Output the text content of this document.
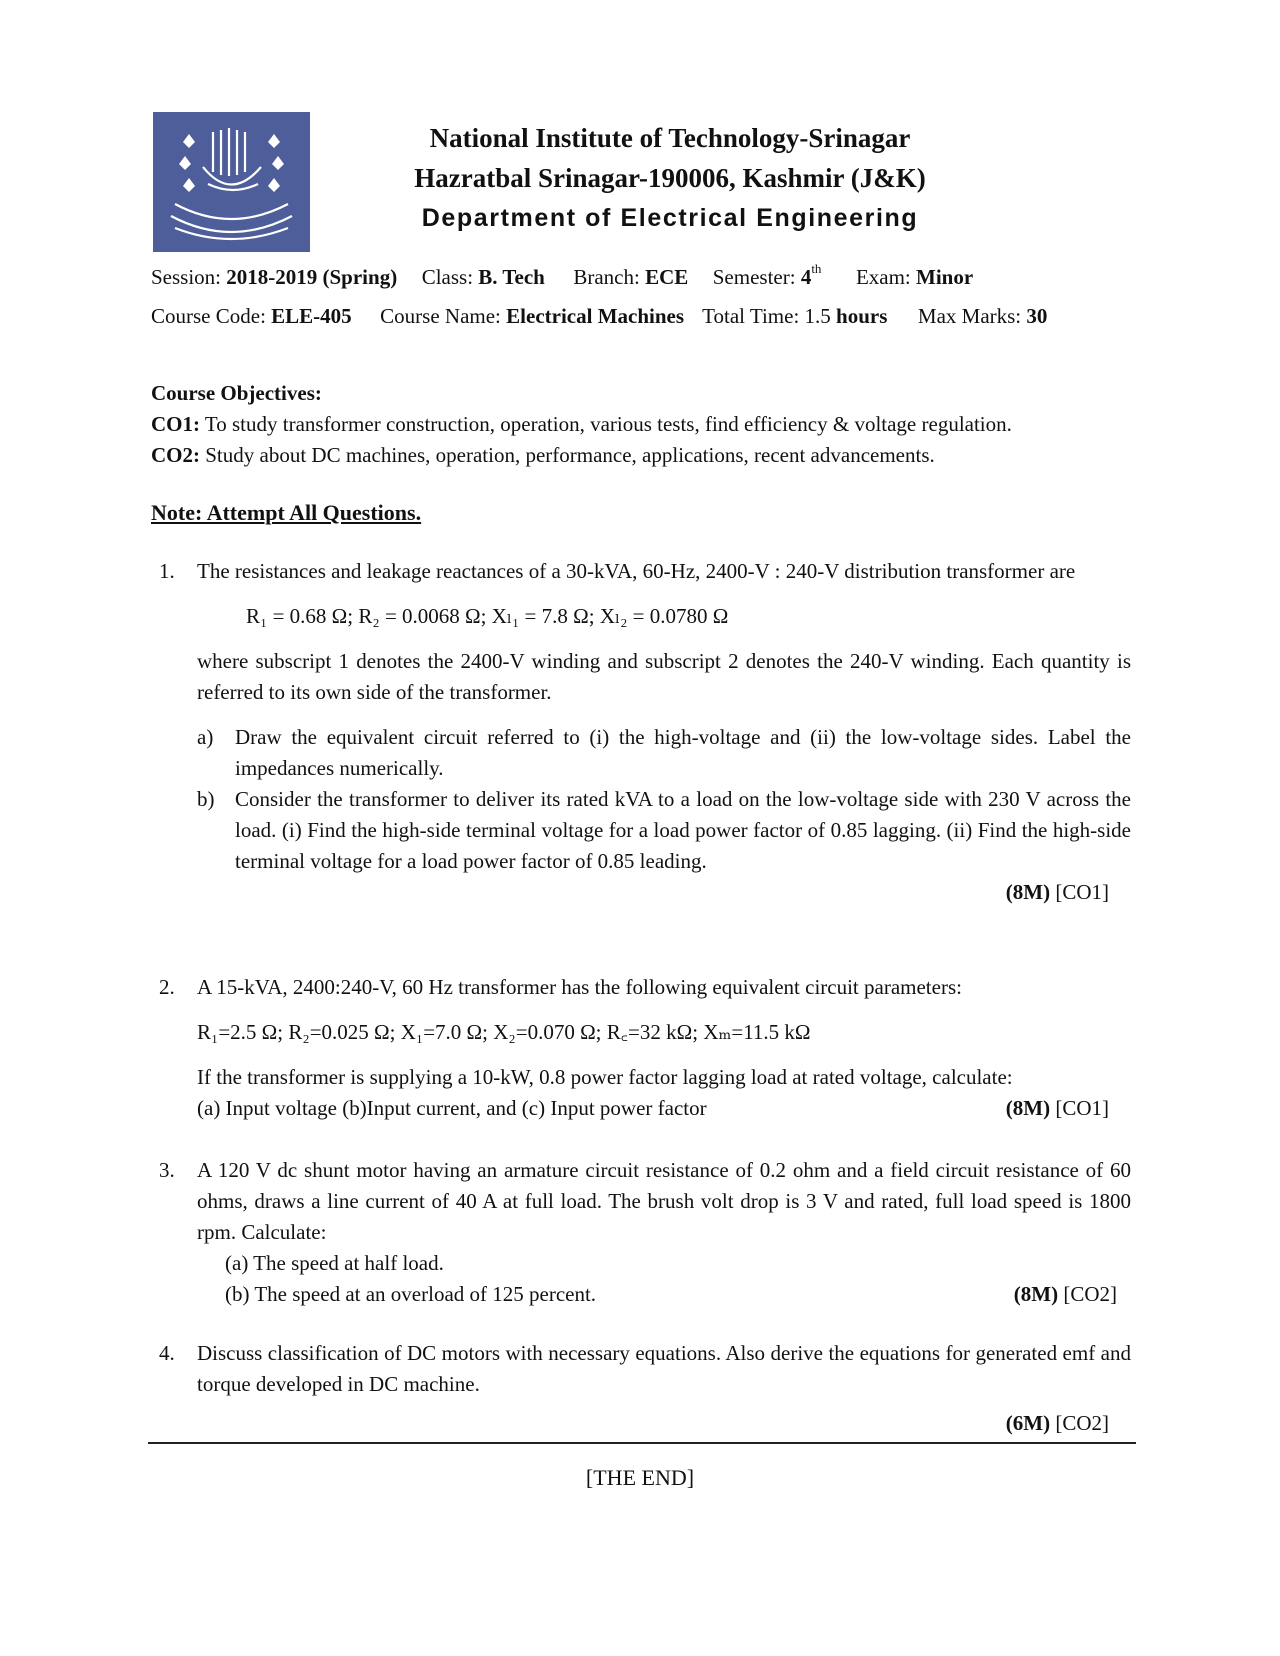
National Institute of Technology-Srinagar
Hazratbal Srinagar-190006, Kashmir (J&K)
Department of Electrical Engineering
Session: 2018-2019 (Spring) Class: B. Tech Branch: ECE Semester: 4th Exam: Minor
Course Code: ELE-405 Course Name: Electrical Machines Total Time: 1.5 hours Max Marks: 30
Course Objectives:
CO1: To study transformer construction, operation, various tests, find efficiency & voltage regulation.
CO2: Study about DC machines, operation, performance, applications, recent advancements.
Note: Attempt All Questions.
1. The resistances and leakage reactances of a 30-kVA, 60-Hz, 2400-V : 240-V distribution transformer are
R₁ = 0.68 Ω; R₂ = 0.0068 Ω; Xₗ₁ = 7.8 Ω; Xₗ₂ = 0.0780 Ω
where subscript 1 denotes the 2400-V winding and subscript 2 denotes the 240-V winding. Each quantity is referred to its own side of the transformer.
a) Draw the equivalent circuit referred to (i) the high-voltage and (ii) the low-voltage sides. Label the impedances numerically.
b) Consider the transformer to deliver its rated kVA to a load on the low-voltage side with 230 V across the load. (i) Find the high-side terminal voltage for a load power factor of 0.85 lagging. (ii) Find the high-side terminal voltage for a load power factor of 0.85 leading.
(8M) [CO1]
2. A 15-kVA, 2400:240-V, 60 Hz transformer has the following equivalent circuit parameters:
R₁=2.5 Ω; R₂=0.025 Ω; X₁=7.0 Ω; X₂=0.070 Ω; R꜀=32 kΩ; Xₘ=11.5 kΩ
If the transformer is supplying a 10-kW, 0.8 power factor lagging load at rated voltage, calculate:
(a) Input voltage (b)Input current, and (c) Input power factor	(8M) [CO1]
3. A 120 V dc shunt motor having an armature circuit resistance of 0.2 ohm and a field circuit resistance of 60 ohms, draws a line current of 40 A at full load. The brush volt drop is 3 V and rated, full load speed is 1800 rpm. Calculate:
(a) The speed at half load.
(b) The speed at an overload of 125 percent.	(8M) [CO2]
4. Discuss classification of DC motors with necessary equations. Also derive the equations for generated emf and torque developed in DC machine.
(6M) [CO2]
[THE END]
